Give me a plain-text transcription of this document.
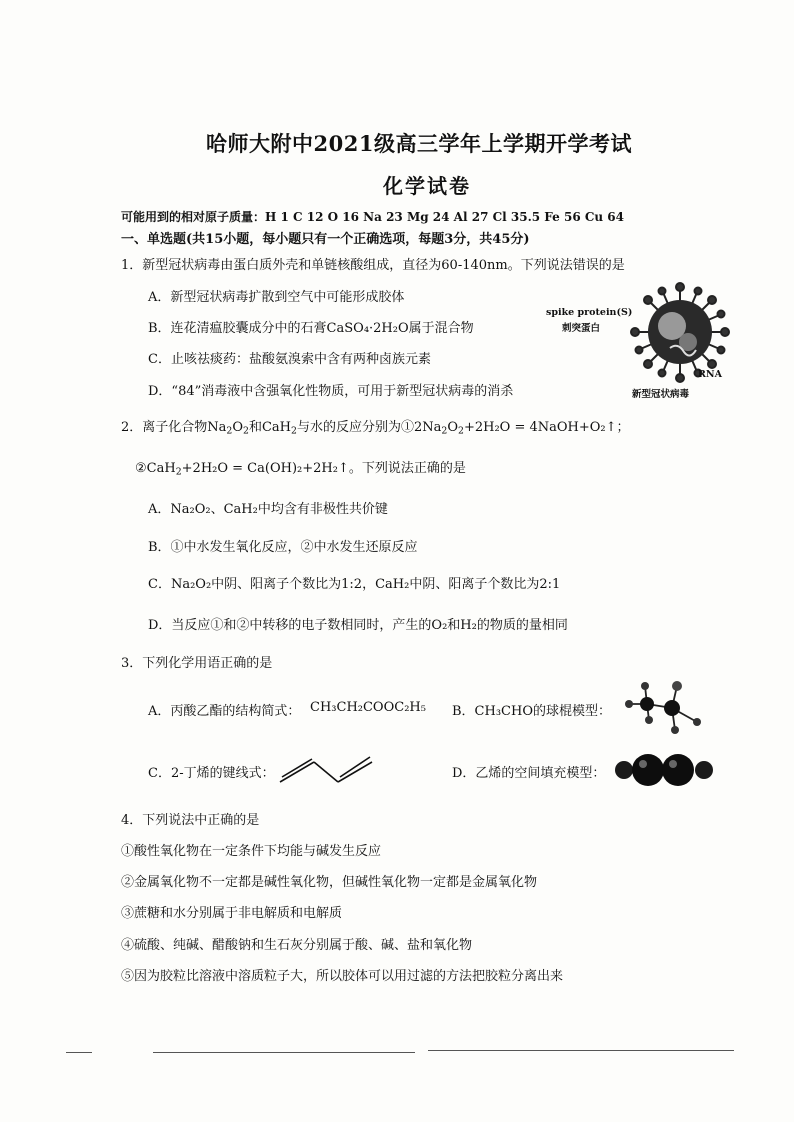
哈师大附中2021级高三学年上学期开学考试
化学试卷
可能用到的相对原子质量：H 1 C 12 O 16 Na 23 Mg 24 Al 27 Cl 35.5 Fe 56 Cu 64
一、单选题(共15小题，每小题只有一个正确选项，每题3分，共45分)
1．新型冠状病毒由蛋白质外壳和单链核酸组成，直径为60-140nm。下列说法错误的是
A．新型冠状病毒扩散到空气中可能形成胶体
B．连花清瘟胶囊成分中的石膏CaSO₄·2H₂O属于混合物
C．止咳祛痰药：盐酸氨溴索中含有两种卤族元素
D．“84”消毒液中含强氧化性物质，可用于新型冠状病毒的消杀
spike protein(S)
刺突蛋白
RNA
新型冠状病毒
2．离子化合物$Na_2O_2$和CaH$_2$与水的反应分别为$①2Na_2O_2+2H_2O$ = 4NaOH+O₂↑；
②CaH$_2$+2H₂O = Ca(OH)₂+2H₂↑。下列说法正确的是
A．Na₂O₂、CaH₂中均含有非极性共价键
B．①中水发生氧化反应，②中水发生还原反应
C．Na₂O₂中阴、阳离子个数比为1:2，CaH₂中阴、阳离子个数比为2:1
D．当反应①和②中转移的电子数相同时，产生的O₂和H₂的物质的量相同
3．下列化学用语正确的是
A．丙酸乙酯的结构简式： CH₃CH₂COOC₂H₅ B．CH₃CHO的球棍模型：
C．2-丁烯的键线式：	D．乙烯的空间填充模型：
4．下列说法中正确的是
①酸性氧化物在一定条件下均能与碱发生反应
②金属氧化物不一定都是碱性氧化物，但碱性氧化物一定都是金属氧化物
③蔗糖和水分别属于非电解质和电解质
④硫酸、纯碱、醋酸钠和生石灰分别属于酸、碱、盐和氧化物
⑤因为胶粒比溶液中溶质粒子大，所以胶体可以用过滤的方法把胶粒分离出来
